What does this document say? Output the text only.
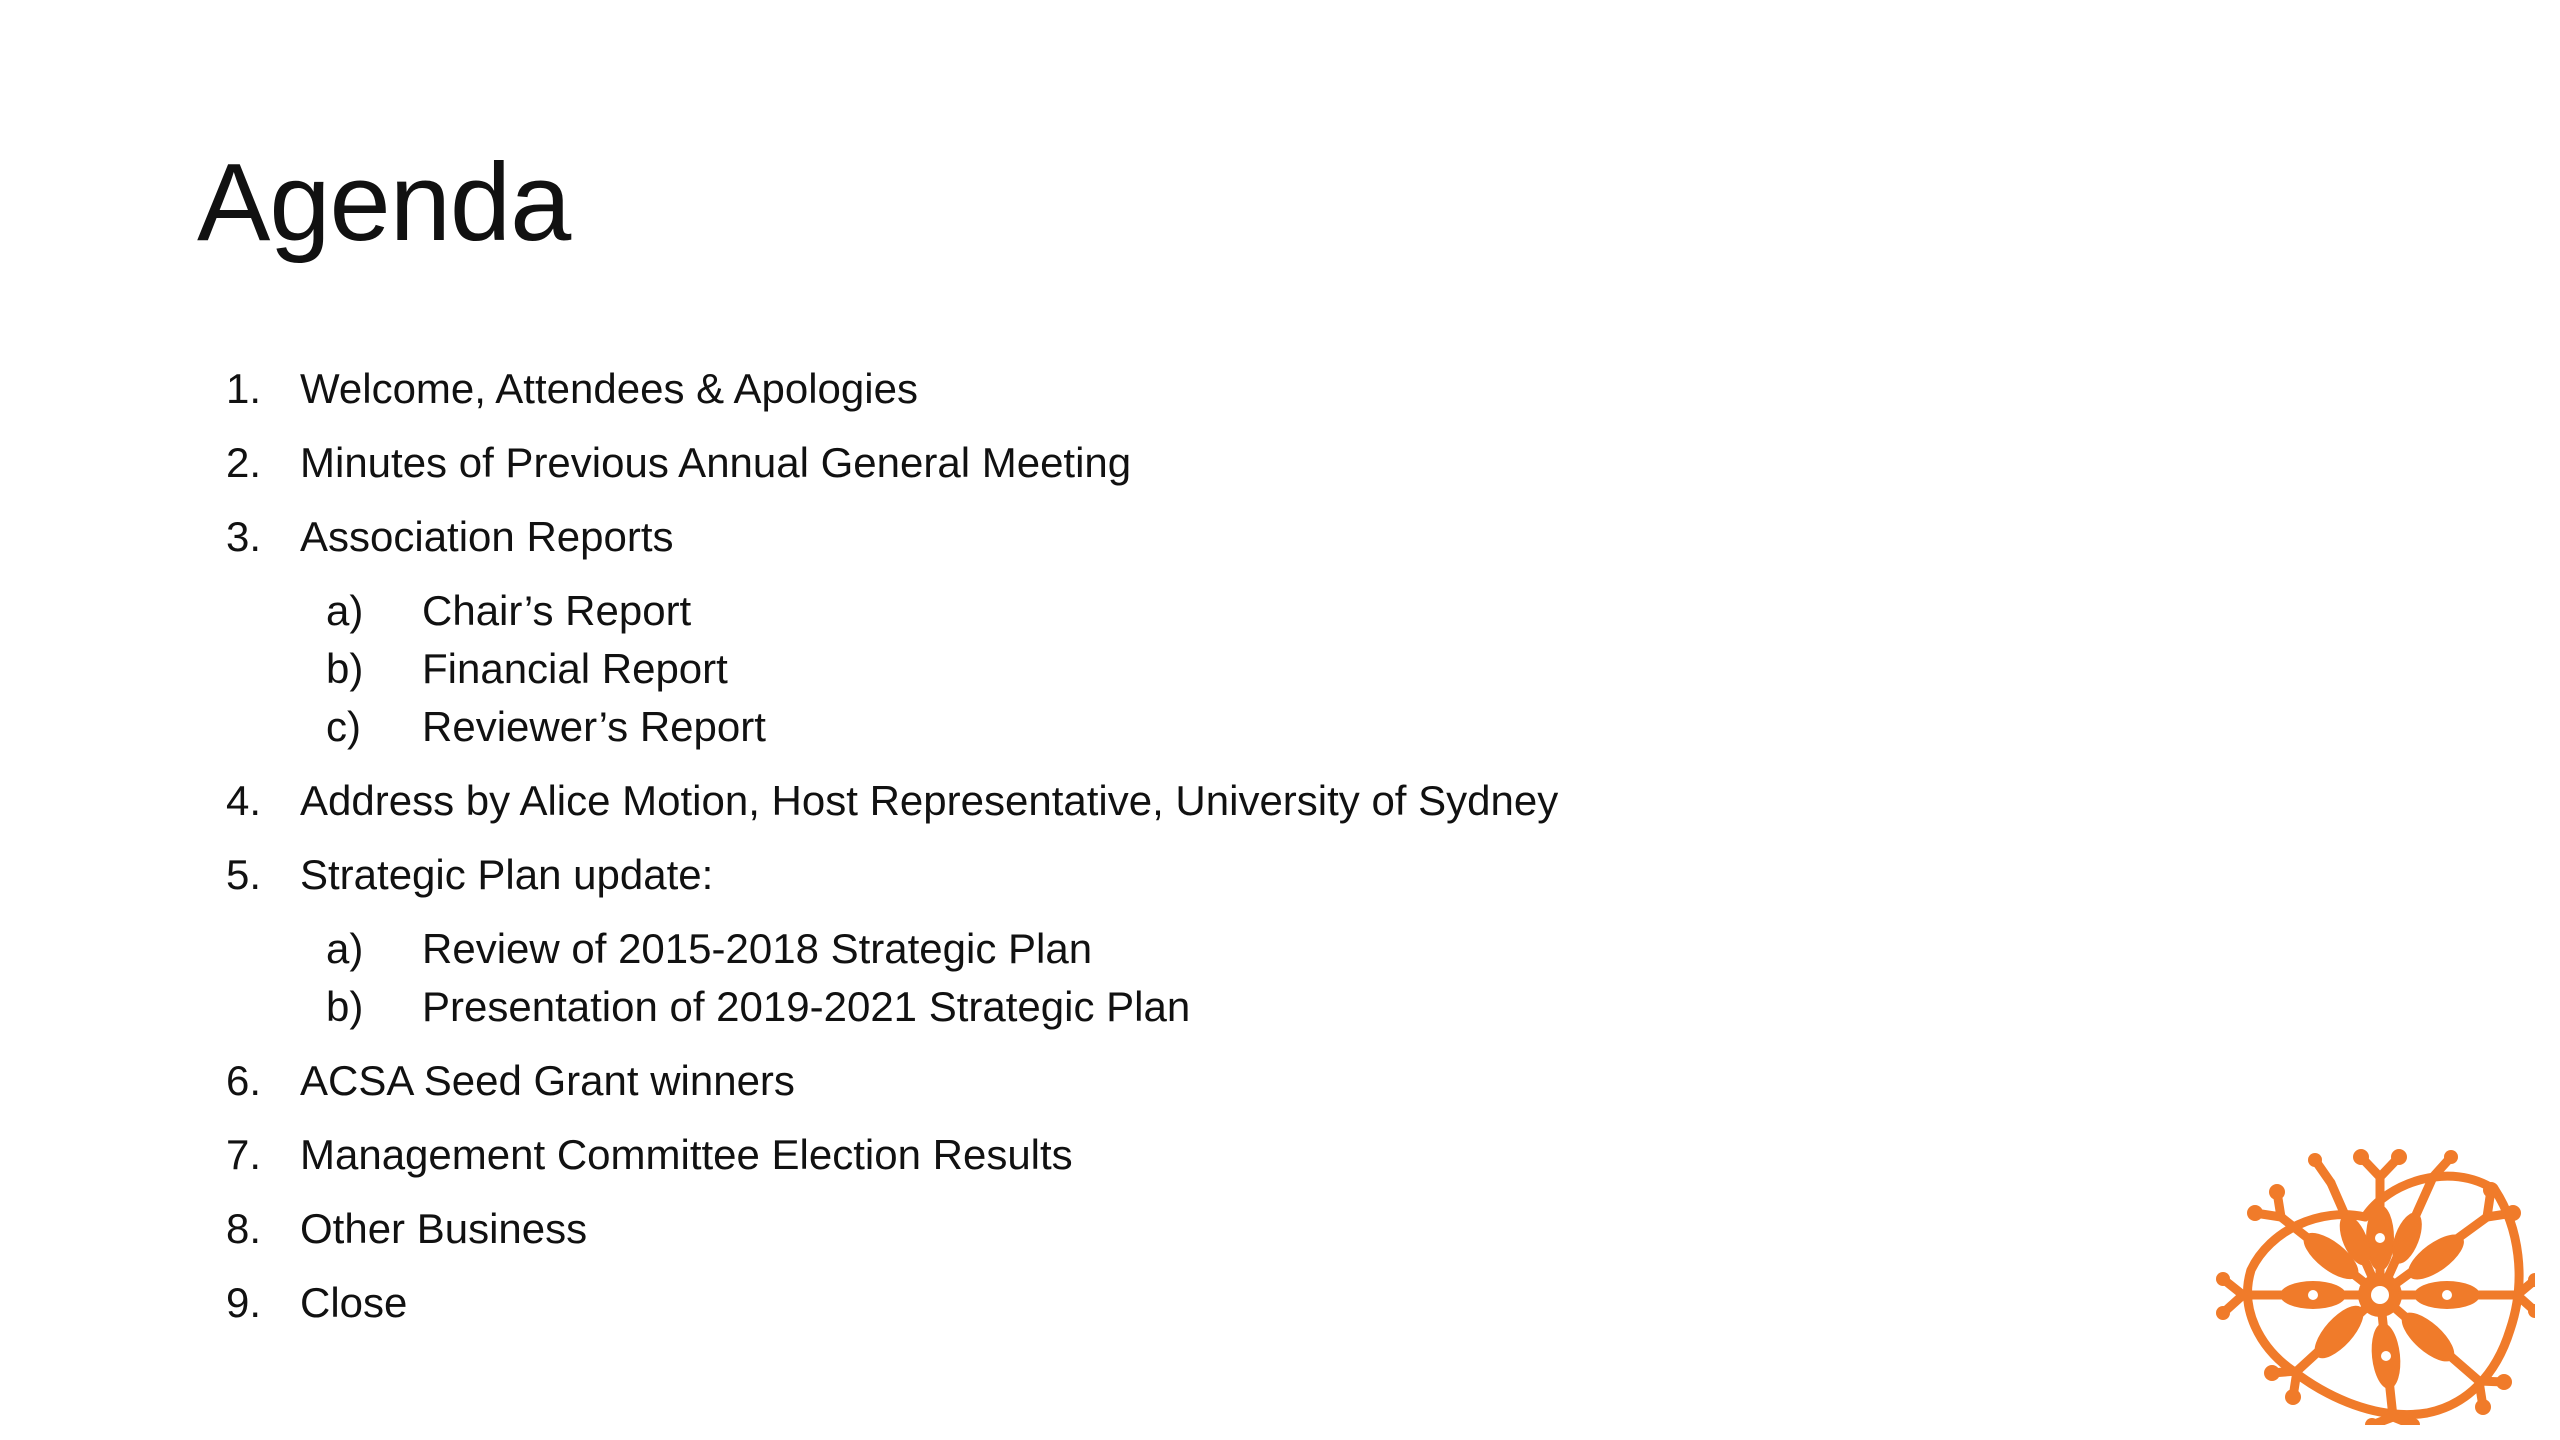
Agenda
1. Welcome, Attendees & Apologies
2. Minutes of Previous Annual General Meeting
3. Association Reports
a)	Chair’s Report
b)	Financial Report
c)	Reviewer’s Report
4. Address by Alice Motion, Host Representative, University of Sydney
5. Strategic Plan update:
a)	Review of 2015-2018 Strategic Plan
b)	Presentation of 2019-2021 Strategic Plan
6. ACSA Seed Grant winners
7. Management Committee Election Results
8. Other Business
9. Close
